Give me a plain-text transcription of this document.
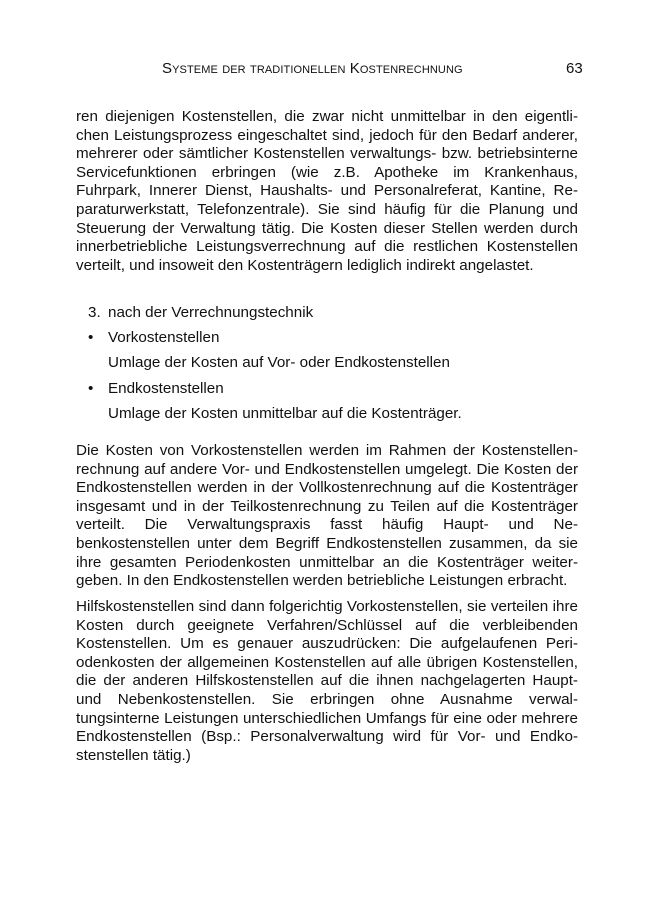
Systeme der traditionellen Kostenrechnung	63

ren diejenigen Kostenstellen, die zwar nicht unmittelbar in den eigentlichen Leistungsprozess eingeschaltet sind, jedoch für den Bedarf anderer, mehrerer oder sämtlicher Kostenstellen verwaltungs- bzw. betriebsinterne Servicefunktionen erbringen (wie z.B. Apotheke im Krankenhaus, Fuhrpark, Innerer Dienst, Haushalts- und Personalreferat, Kantine, Reparaturwerkstatt, Telefonzentrale). Sie sind häufig für die Planung und Steuerung der Verwaltung tätig. Die Kosten dieser Stellen werden durch innerbetriebliche Leistungsverrechnung auf die restlichen Kostenstellen verteilt, und insoweit den Kostenträgern lediglich indirekt angelastet.

3. nach der Verrechnungstechnik
• Vorkostenstellen
Umlage der Kosten auf Vor- oder Endkostenstellen
• Endkostenstellen
Umlage der Kosten unmittelbar auf die Kostenträger.

Die Kosten von Vorkostenstellen werden im Rahmen der Kostenstellenrechnung auf andere Vor- und Endkostenstellen umgelegt. Die Kosten der Endkostenstellen werden in der Vollkostenrechnung auf die Kostenträger insgesamt und in der Teilkostenrechnung zu Teilen auf die Kostenträger verteilt. Die Verwaltungspraxis fasst häufig Haupt- und Nebenkostenstellen unter dem Begriff Endkostenstellen zusammen, da sie ihre gesamten Periodenkosten unmittelbar an die Kostenträger weitergeben. In den Endkostenstellen werden betriebliche Leistungen erbracht.

Hilfskostenstellen sind dann folgerichtig Vorkostenstellen, sie verteilen ihre Kosten durch geeignete Verfahren/Schlüssel auf die verbleibenden Kostenstellen. Um es genauer auszudrücken: Die aufgelaufenen Periodenkosten der allgemeinen Kostenstellen auf alle übrigen Kostenstellen, die der anderen Hilfskostenstellen auf die ihnen nachgelagerten Haupt- und Nebenkostenstellen. Sie erbringen ohne Ausnahme verwaltungsinterne Leistungen unterschiedlichen Umfangs für eine oder mehrere Endkostenstellen (Bsp.: Personalverwaltung wird für Vor- und Endkostenstellen tätig.)
